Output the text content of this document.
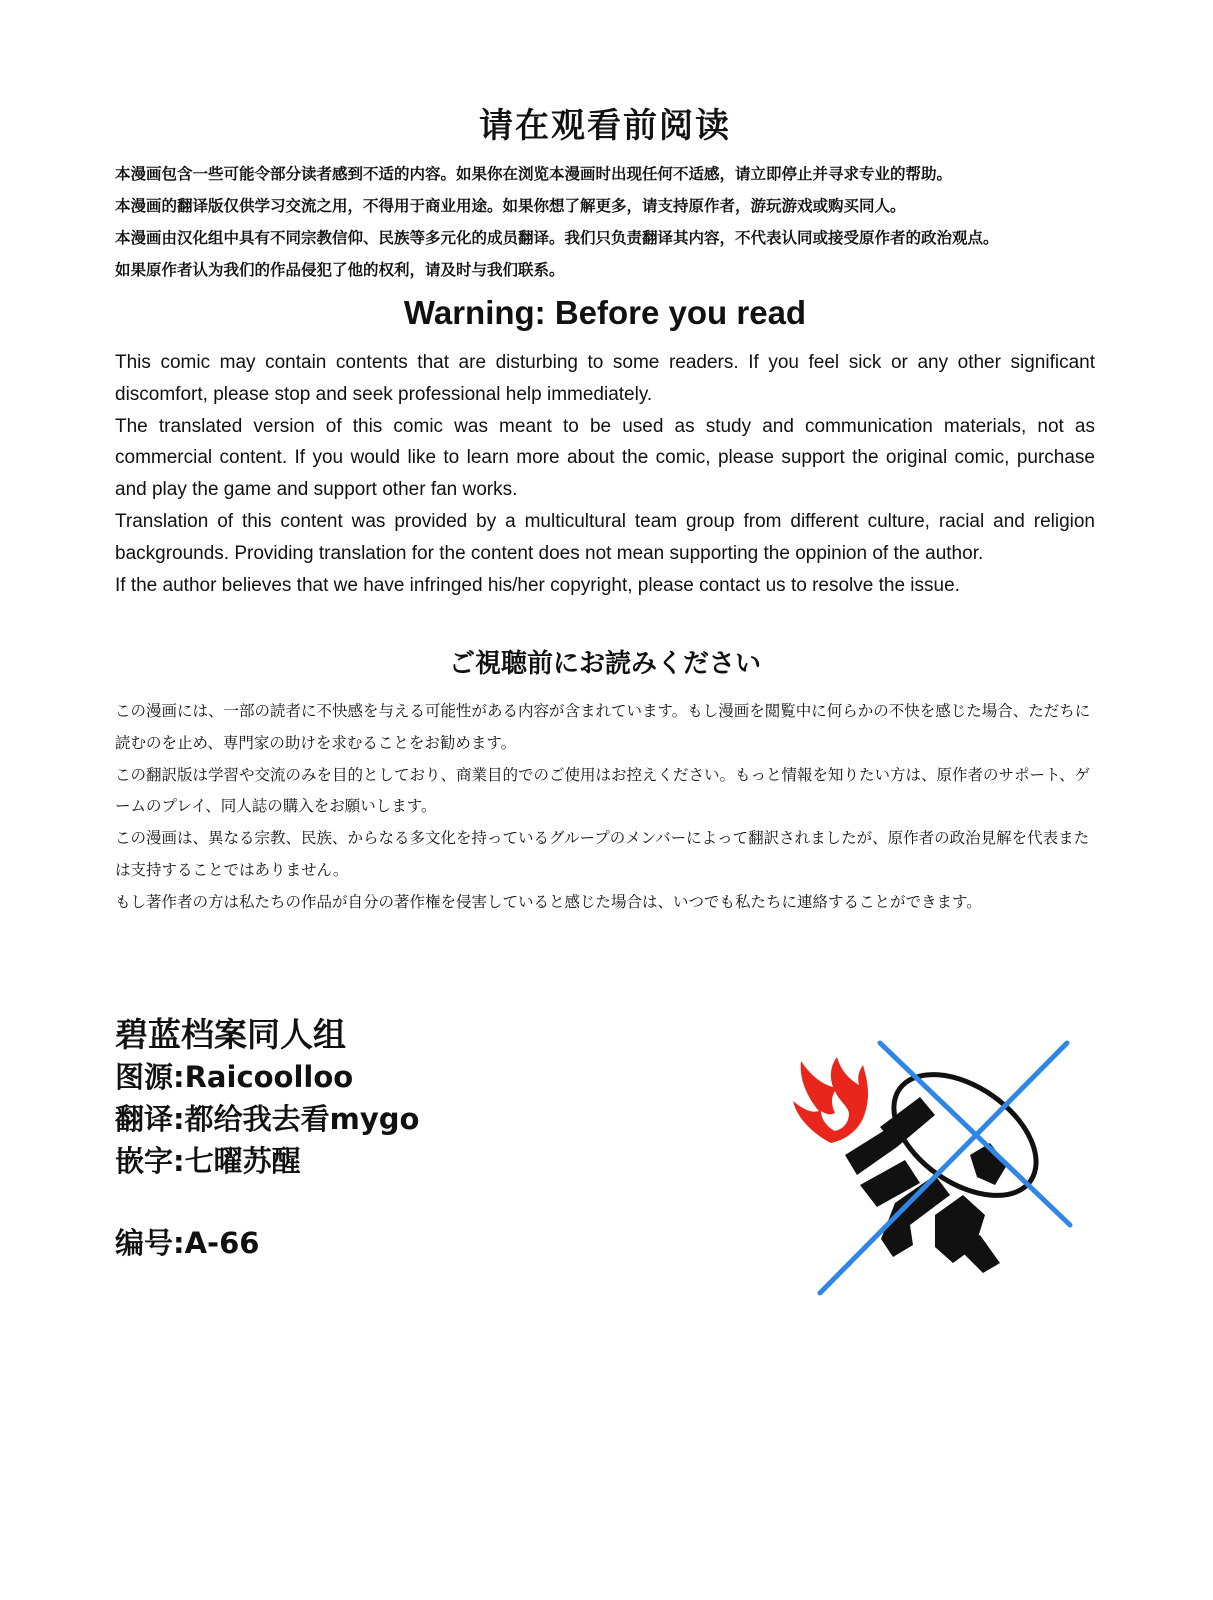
请在观看前阅读

本漫画包含一些可能令部分读者感到不适的内容。如果你在浏览本漫画时出现任何不适感，请立即停止并寻求专业的帮助。

本漫画的翻译版仅供学习交流之用，不得用于商业用途。如果你想了解更多，请支持原作者，游玩游戏或购买同人。

本漫画由汉化组中具有不同宗教信仰、民族等多元化的成员翻译。我们只负责翻译其内容，不代表认同或接受原作者的政治观点。

如果原作者认为我们的作品侵犯了他的权利，请及时与我们联系。

Warning: Before you read

This comic may contain contents that are disturbing to some readers. If you feel sick or any other significant discomfort, please stop and seek professional help immediately.

The translated version of this comic was meant to be used as study and communication materials, not as commercial content. If you would like to learn more about the comic, please support the original comic, purchase and play the game and support other fan works.

Translation of this content was provided by a multicultural team group from different culture, racial and religion backgrounds. Providing translation for the content does not mean supporting the oppinion of the author.

If the author believes that we have infringed his/her copyright, please contact us to resolve the issue.

ご視聴前にお読みください

この漫画には、一部の読者に不快感を与える可能性がある内容が含まれています。もし漫画を閲覧中に何らかの不快を感じた場合、ただちに読むのを止め、専門家の助けを求むることをお勧めます。

この翻訳版は学習や交流のみを目的としており、商業目的でのご使用はお控えください。もっと情報を知りたい方は、原作者のサポート、ゲームのプレイ、同人誌の購入をお願いします。

この漫画は、異なる宗教、民族、からなる多文化を持っているグループのメンバーによって翻訳されましたが、原作者の政治見解を代表または支持することではありません。

もし著作者の方は私たちの作品が自分の著作権を侵害していると感じた場合は、いつでも私たちに連絡することができます。

碧蓝档案同人组
图源:Raicoolloo
翻译:都给我去看mygo
嵌字:七曜苏醒
编号:A-66
